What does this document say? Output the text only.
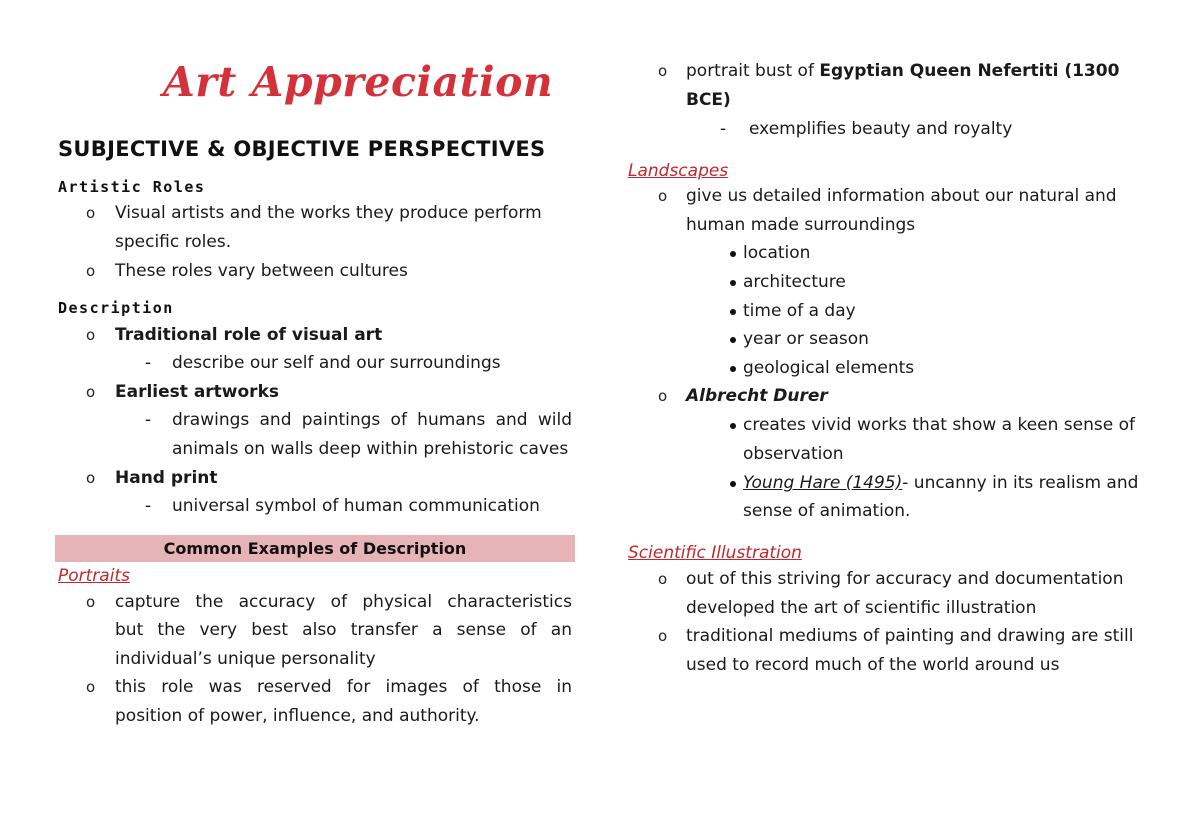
Art Appreciation
SUBJECTIVE & OBJECTIVE PERSPECTIVES
Artistic Roles
o Visual artists and the works they produce perform
specific roles.
o These roles vary between cultures
Description
o Traditional role of visual art
- describe our self and our surroundings
o Earliest artworks
- drawings and paintings of humans and wild
animals on walls deep within prehistoric caves
o Hand print
- universal symbol of human communication
Common Examples of Description
Portraits
o capture the accuracy of physical characteristics
but the very best also transfer a sense of an
individual’s unique personality
o this role was reserved for images of those in
position of power, influence, and authority.
o portrait bust of Egyptian Queen Nefertiti (1300
BCE)
- exemplifies beauty and royalty
Landscapes
o give us detailed information about our natural and
human made surroundings
location
architecture
time of a day
year or season
geological elements
o Albrecht Durer
creates vivid works that show a keen sense of
observation
Young Hare (1495)- uncanny in its realism and
sense of animation.
Scientific Illustration
o out of this striving for accuracy and documentation
developed the art of scientific illustration
o traditional mediums of painting and drawing are still
used to record much of the world around us
